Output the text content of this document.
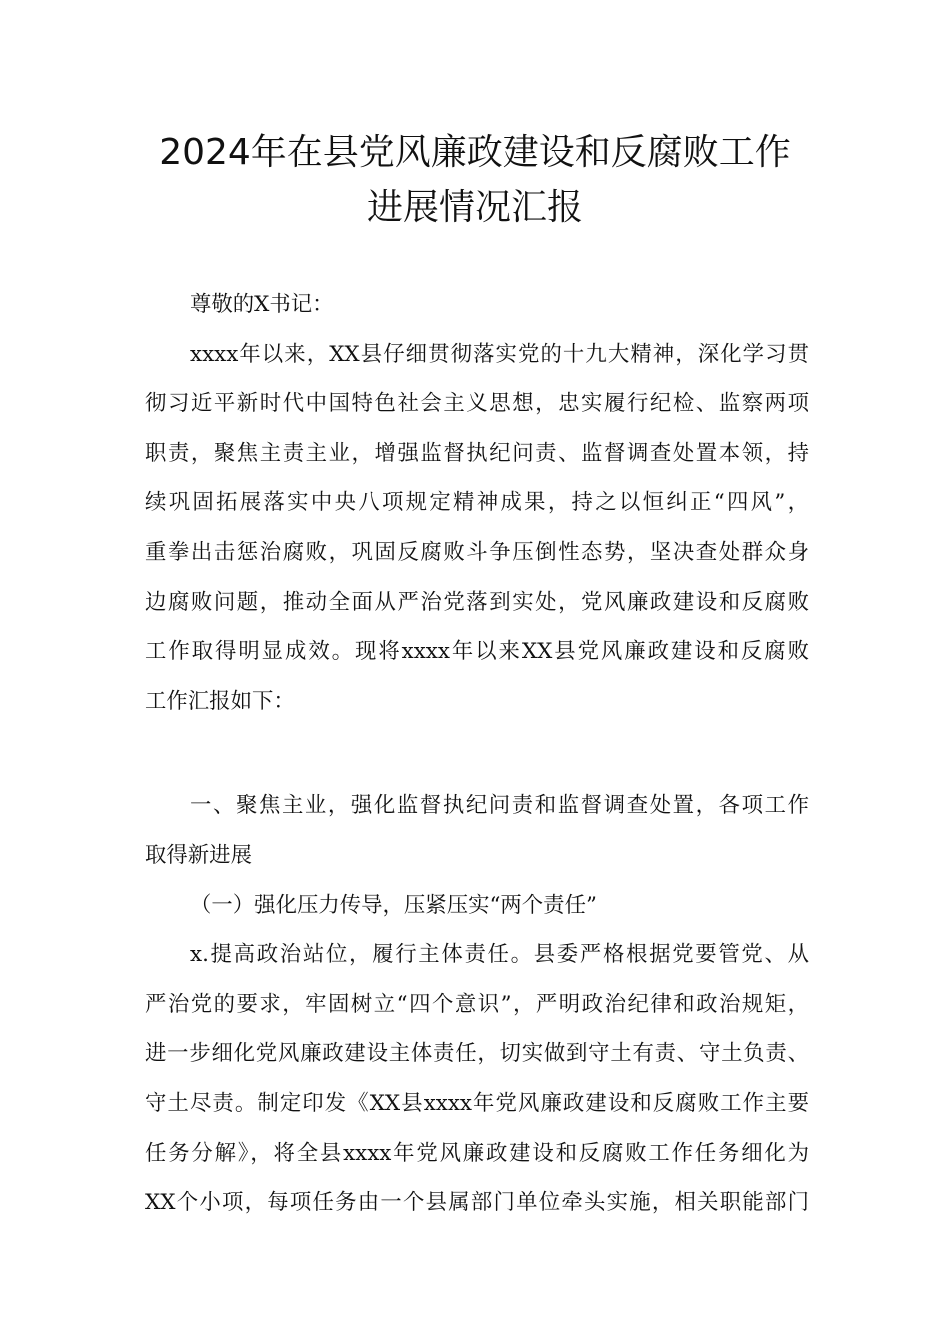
2024年在县党风廉政建设和反腐败工作
进展情况汇报
尊敬的X书记：
xxxx年以来，XX县仔细贯彻落实党的十九大精神，深化学习贯
彻习近平新时代中国特色社会主义思想，忠实履行纪检、监察两项
职责，聚焦主责主业，增强监督执纪问责、监督调查处置本领，持
续巩固拓展落实中央八项规定精神成果，持之以恒纠正“四风”，
重拳出击惩治腐败，巩固反腐败斗争压倒性态势，坚决查处群众身
边腐败问题，推动全面从严治党落到实处，党风廉政建设和反腐败
工作取得明显成效。现将xxxx年以来XX县党风廉政建设和反腐败
工作汇报如下：
一、聚焦主业，强化监督执纪问责和监督调查处置，各项工作
取得新进展
（一）强化压力传导，压紧压实“两个责任”
x.提高政治站位，履行主体责任。县委严格根据党要管党、从
严治党的要求，牢固树立“四个意识”，严明政治纪律和政治规矩，
进一步细化党风廉政建设主体责任，切实做到守土有责、守土负责、
守土尽责。制定印发《XX县xxxx年党风廉政建设和反腐败工作主要
任务分解》，将全县xxxx年党风廉政建设和反腐败工作任务细化为
XX个小项，每项任务由一个县属部门单位牵头实施，相关职能部门
